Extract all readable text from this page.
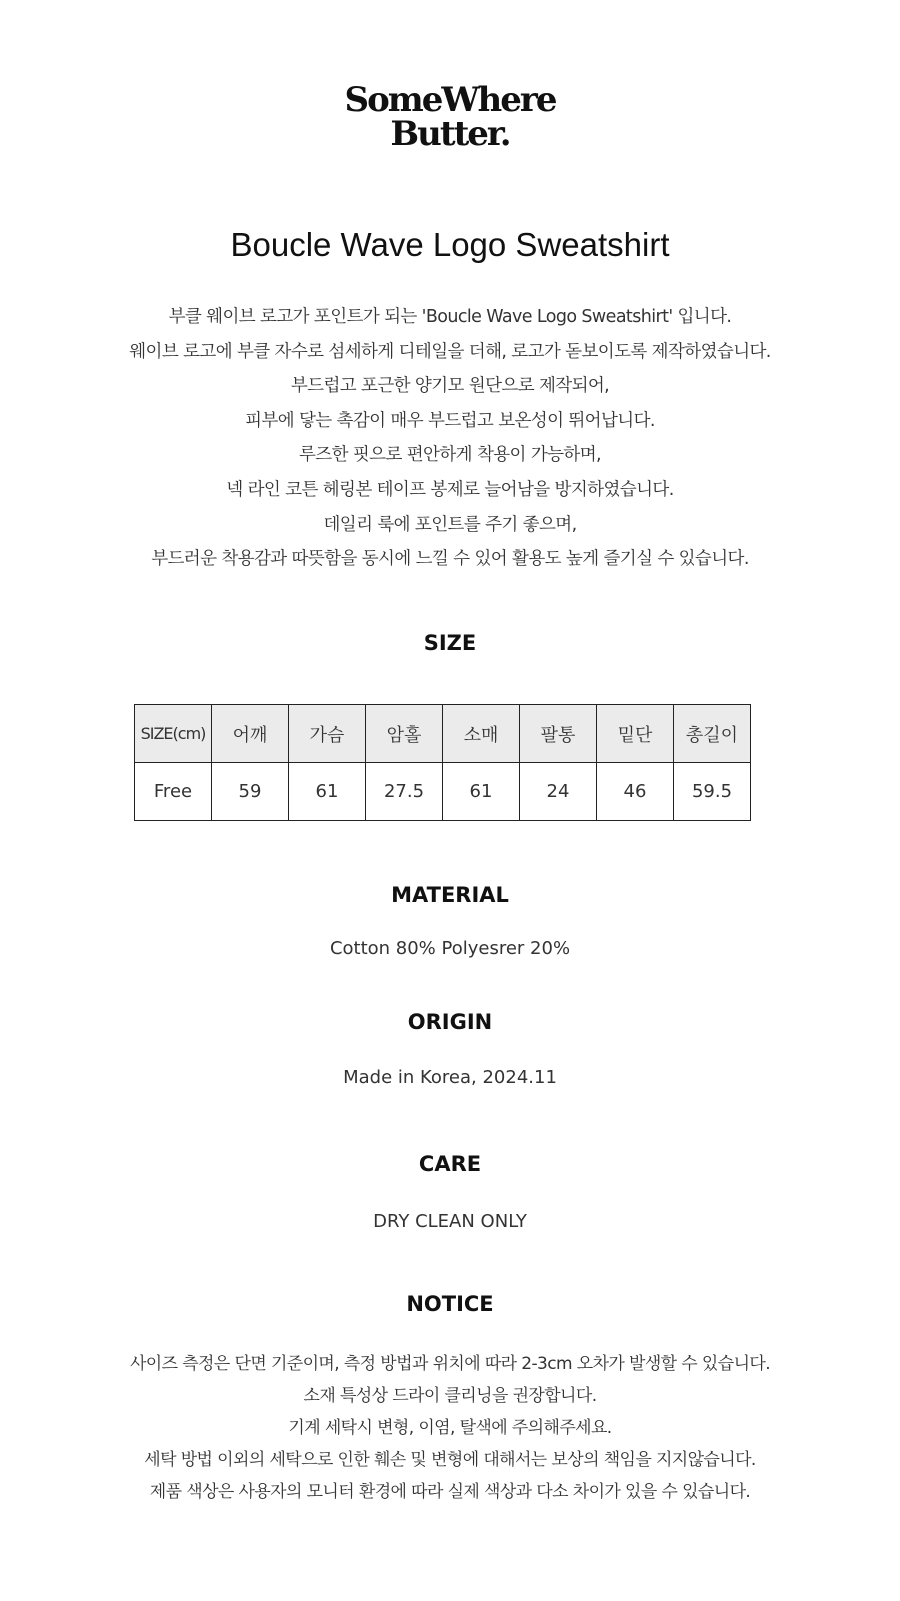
SomeWhere
Butter.
Boucle Wave Logo Sweatshirt
부클 웨이브 로고가 포인트가 되는 'Boucle Wave Logo Sweatshirt' 입니다.
웨이브 로고에 부클 자수로 섬세하게 디테일을 더해, 로고가 돋보이도록 제작하였습니다.
부드럽고 포근한 양기모 원단으로 제작되어,
피부에 닿는 촉감이 매우 부드럽고 보온성이 뛰어납니다.
루즈한 핏으로 편안하게 착용이 가능하며,
넥 라인 코튼 헤링본 테이프 봉제로 늘어남을 방지하였습니다.
데일리 룩에 포인트를 주기 좋으며,
부드러운 착용감과 따뜻함을 동시에 느낄 수 있어 활용도 높게 즐기실 수 있습니다.
SIZE
SIZE(cm)	어깨	가슴	암홀	소매	팔통	밑단	총길이
Free	59	61	27.5	61	24	46	59.5
MATERIAL
Cotton 80% Polyesrer 20%
ORIGIN
Made in Korea, 2024.11
CARE
DRY CLEAN ONLY
NOTICE
사이즈 측정은 단면 기준이며, 측정 방법과 위치에 따라 2-3cm 오차가 발생할 수 있습니다.
소재 특성상 드라이 클리닝을 권장합니다.
기계 세탁시 변형, 이염, 탈색에 주의해주세요.
세탁 방법 이외의 세탁으로 인한 훼손 및 변형에 대해서는 보상의 책임을 지지않습니다.
제품 색상은 사용자의 모니터 환경에 따라 실제 색상과 다소 차이가 있을 수 있습니다.
